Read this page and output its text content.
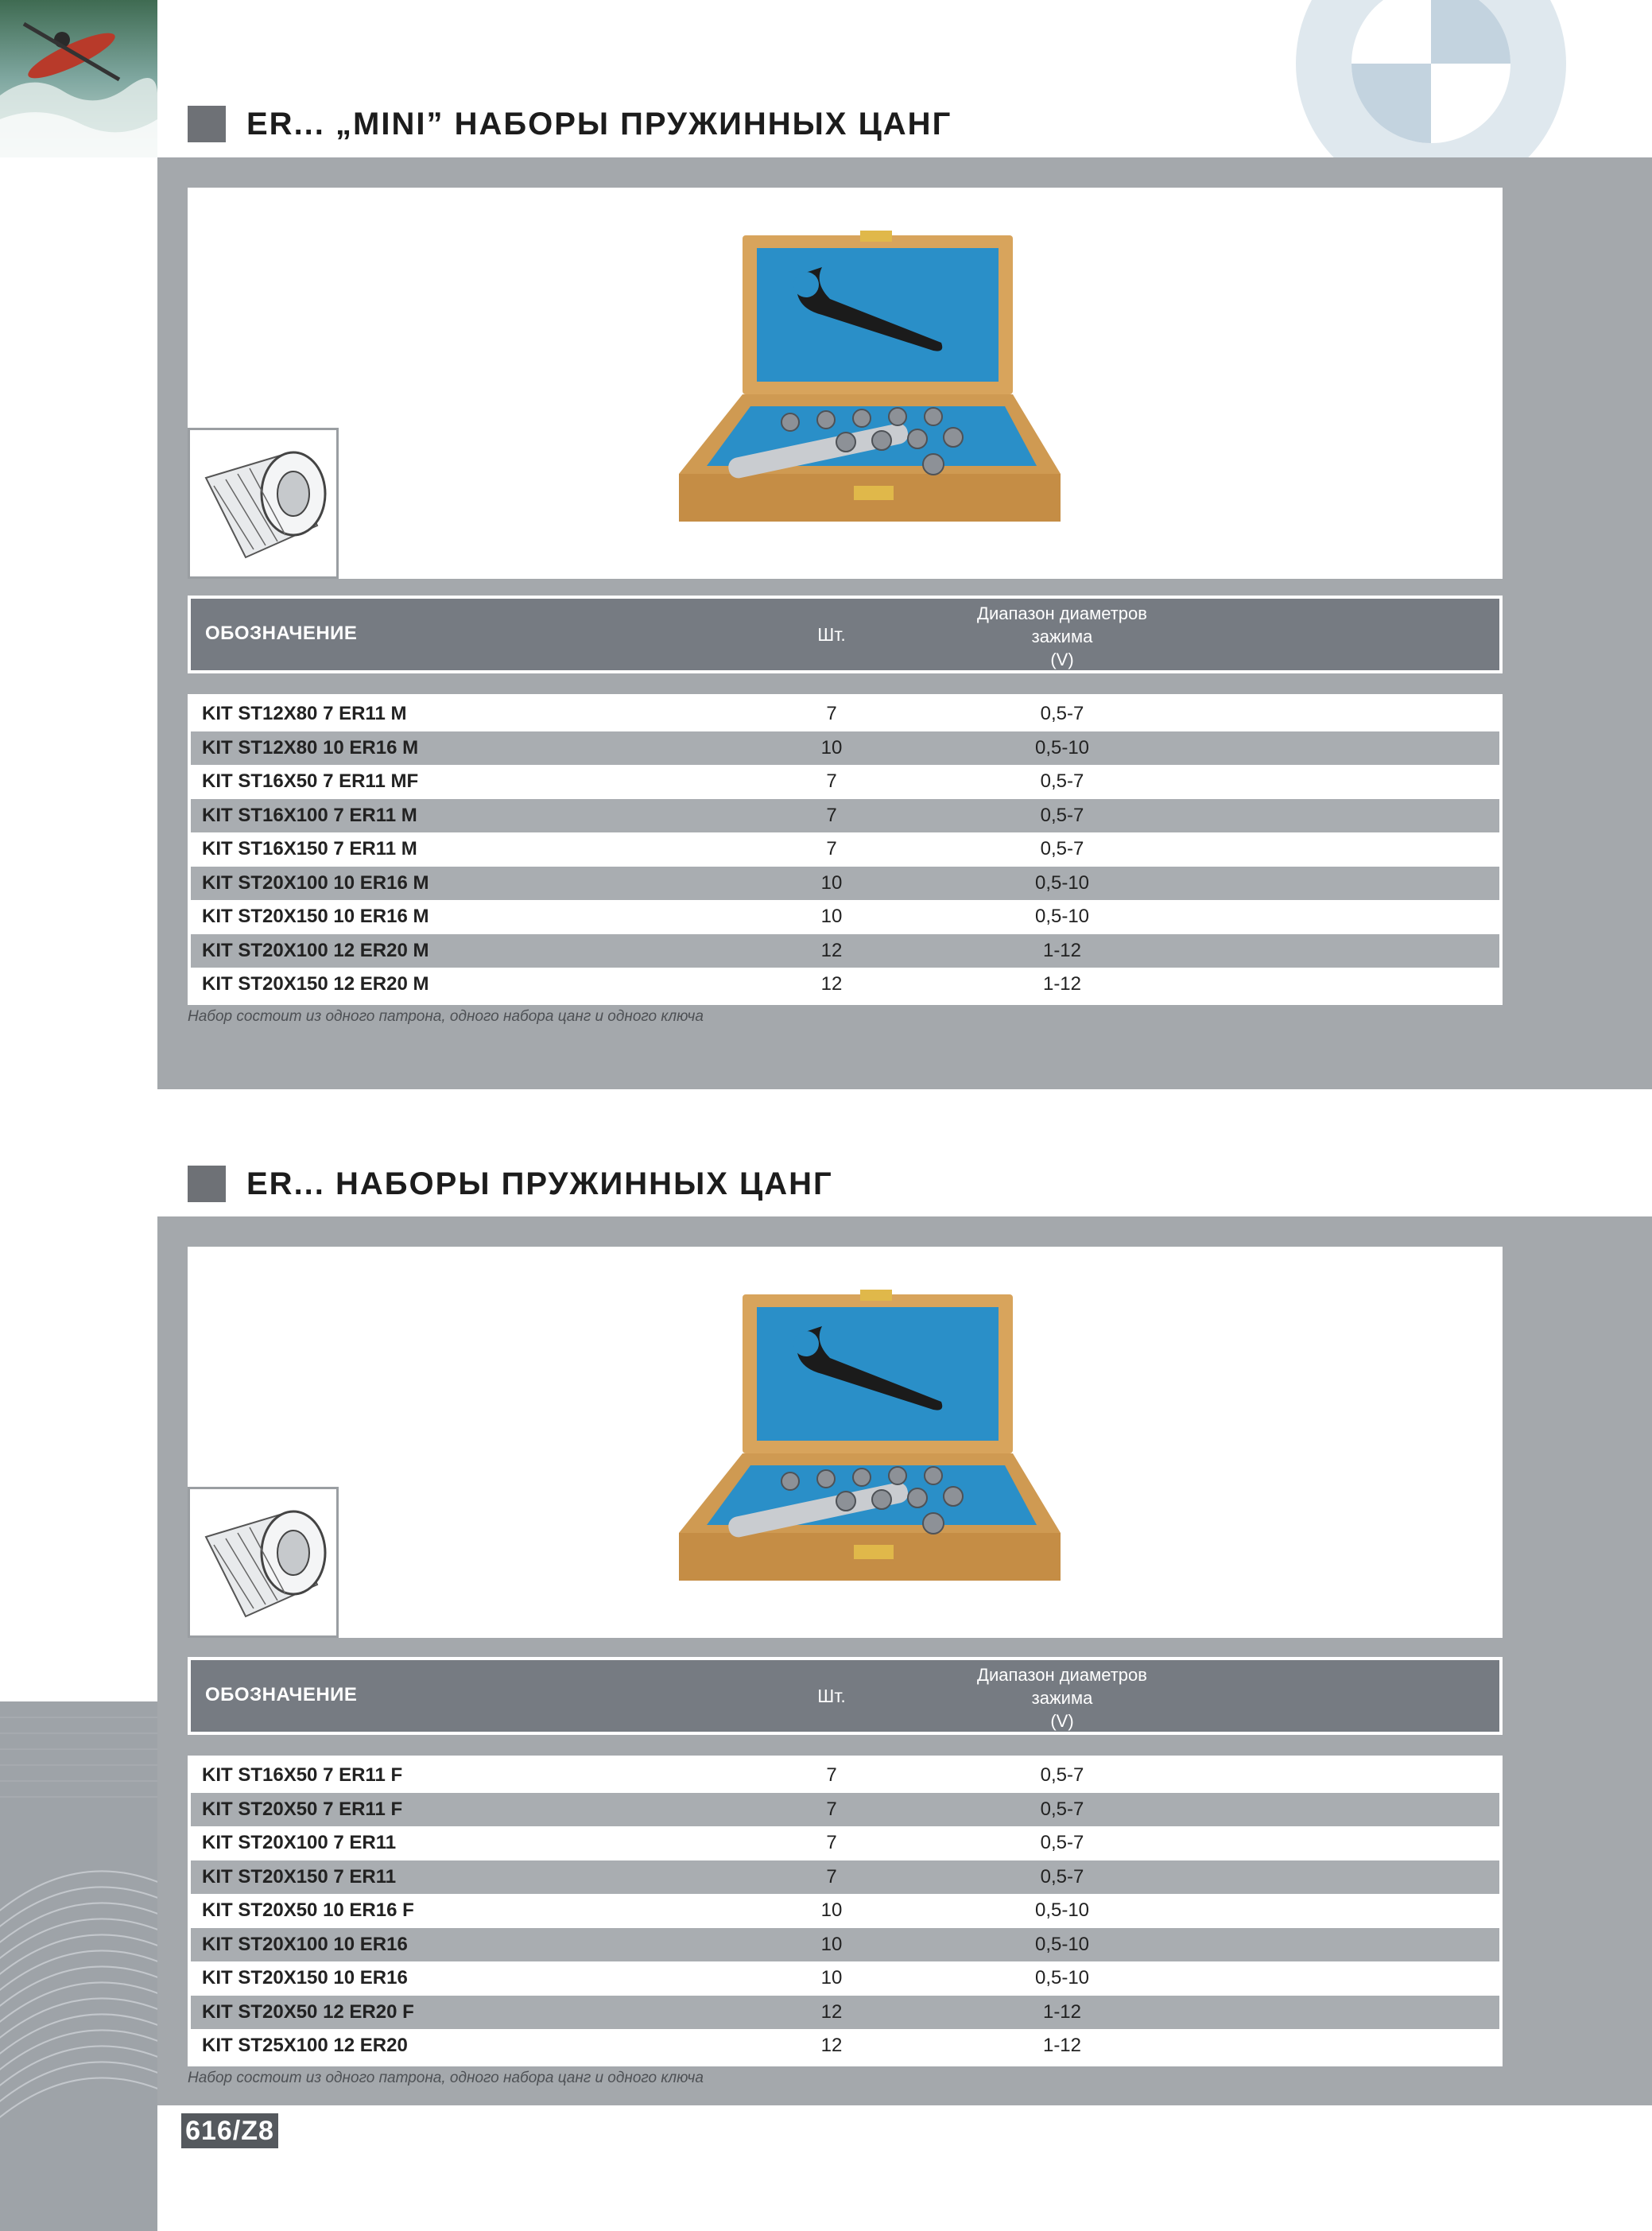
ER... „MINI” НАБОРЫ ПРУЖИННЫХ ЦАНГ
ОБОЗНАЧЕНИЕ	Шт.
Диапазон диаметров
зажима
(V)
KIT ST12X80 7 ER11 M	7	0,5-7
KIT ST12X80 10 ER16 M	10	0,5-10
KIT ST16X50 7 ER11 MF	7	0,5-7
KIT ST16X100 7 ER11 M	7	0,5-7
KIT ST16X150 7 ER11 M	7	0,5-7
KIT ST20X100 10 ER16 M	10	0,5-10
KIT ST20X150 10 ER16 M	10	0,5-10
KIT ST20X100 12 ER20 M	12	1-12
KIT ST20X150 12 ER20 M	12	1-12
Набор состоит из одного патрона, одного набора цанг и одного ключа
ER... НАБОРЫ ПРУЖИННЫХ ЦАНГ
ОБОЗНАЧЕНИЕ	Шт.
Диапазон диаметров
зажима
(V)
KIT ST16X50 7 ER11 F	7	0,5-7
KIT ST20X50 7 ER11 F	7	0,5-7
KIT ST20X100 7 ER11	7	0,5-7
KIT ST20X150 7 ER11	7	0,5-7
KIT ST20X50 10 ER16 F	10	0,5-10
KIT ST20X100 10 ER16	10	0,5-10
KIT ST20X150 10 ER16	10	0,5-10
KIT ST20X50 12 ER20 F	12	1-12
KIT ST25X100 12 ER20	12	1-12
Набор состоит из одного патрона, одного набора цанг и одного ключа
616/Z8
